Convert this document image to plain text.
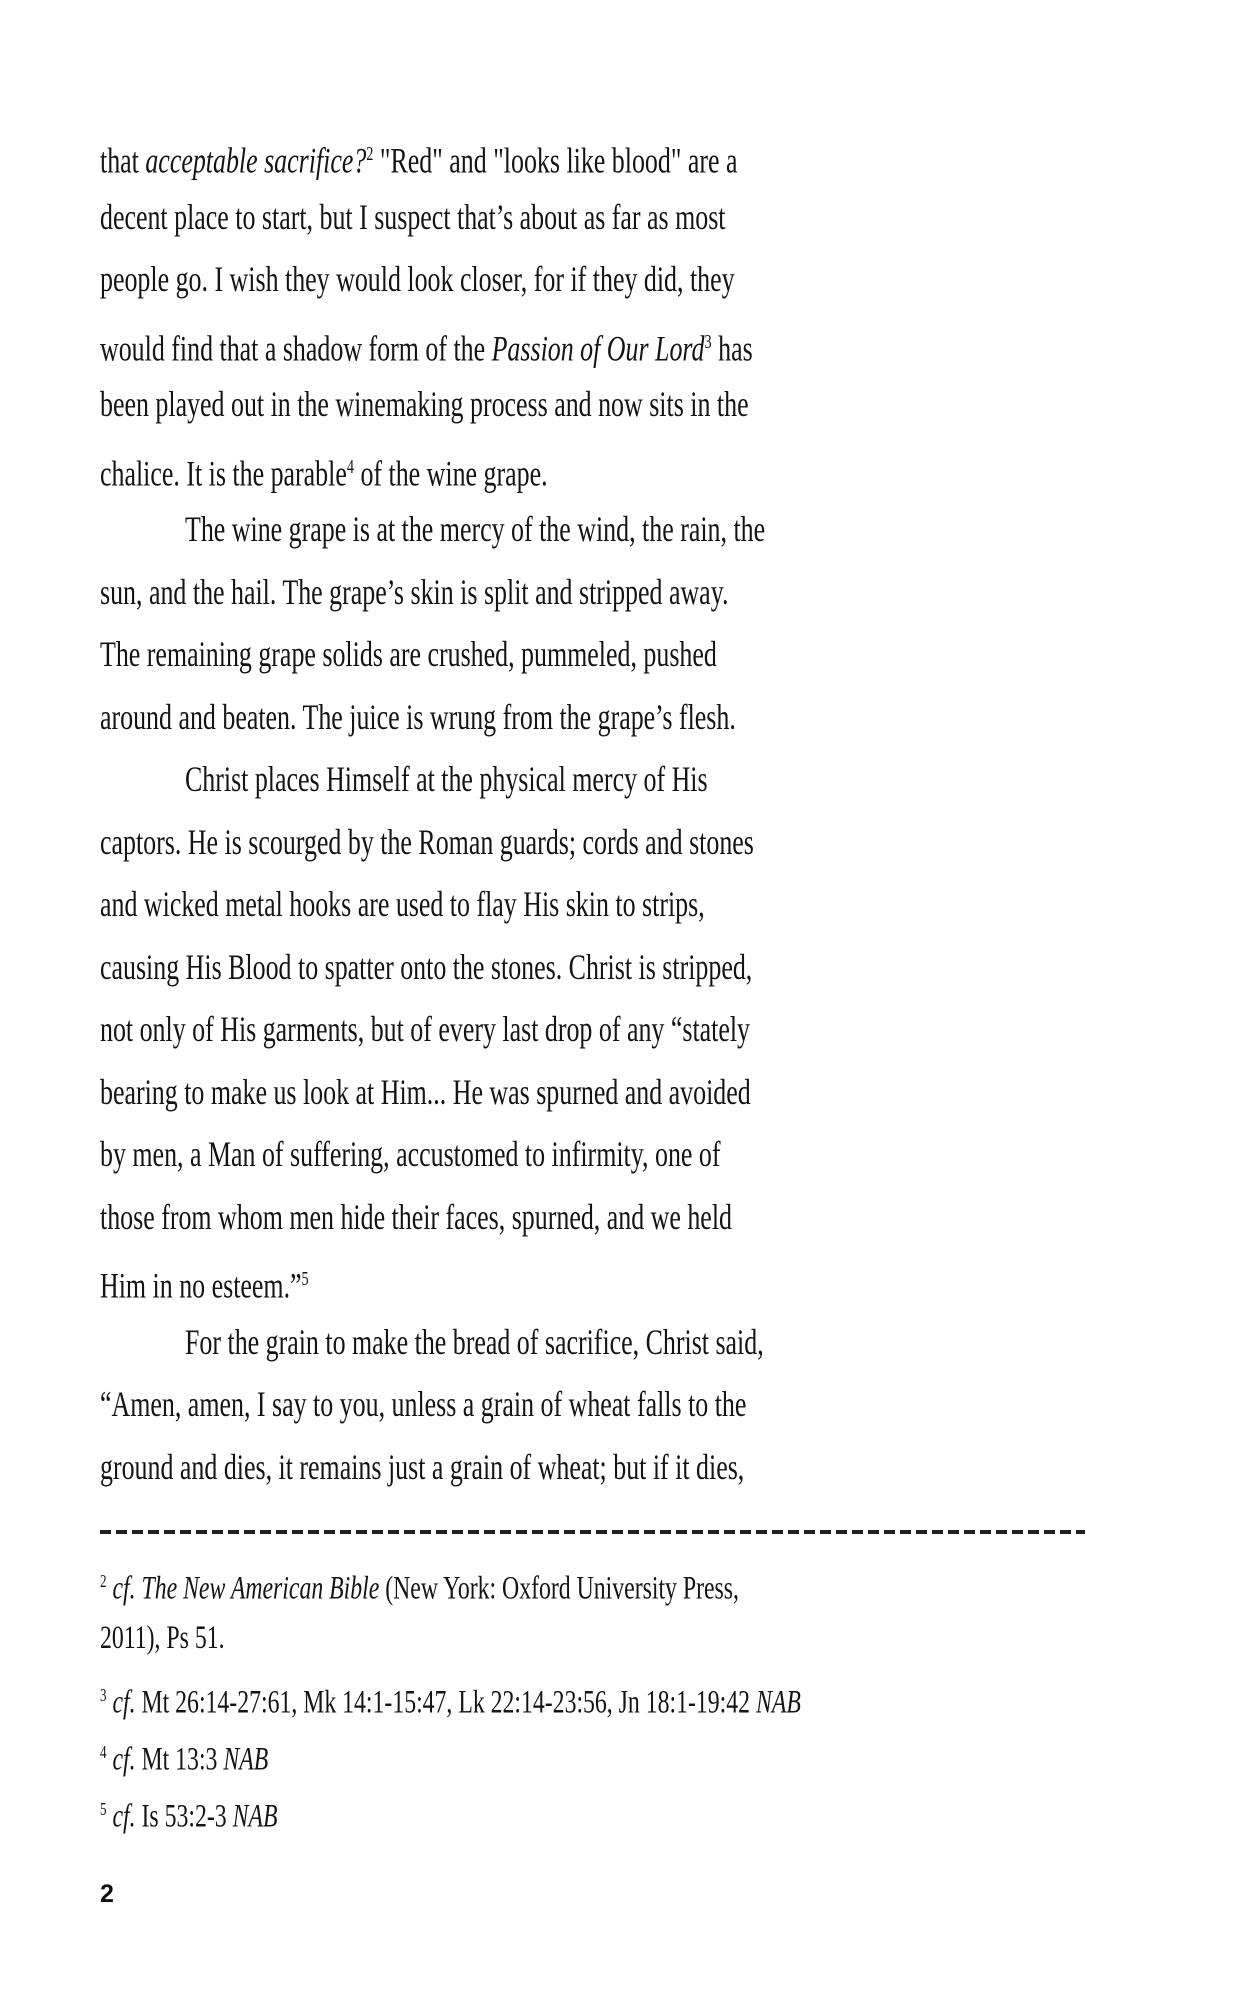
that acceptable sacrifice?$^2$ "Red" and "looks like blood" are a
decent place to start, but I suspect that’s about as far as most
people go. I wish they would look closer, for if they did, they
would find that a shadow form of the Passion of Our Lord$^3$ has
been played out in the winemaking process and now sits in the
chalice. It is the parable$^4$ of the wine grape.
The wine grape is at the mercy of the wind, the rain, the
sun, and the hail. The grape’s skin is split and stripped away.
The remaining grape solids are crushed, pummeled, pushed
around and beaten. The juice is wrung from the grape’s flesh.
Christ places Himself at the physical mercy of His
captors. He is scourged by the Roman guards; cords and stones
and wicked metal hooks are used to flay His skin to strips,
causing His Blood to spatter onto the stones. Christ is stripped,
not only of His garments, but of every last drop of any “stately
bearing to make us look at Him... He was spurned and avoided
by men, a Man of suffering, accustomed to infirmity, one of
those from whom men hide their faces, spurned, and we held
Him in no esteem.”$^5$
For the grain to make the bread of sacrifice, Christ said,
“Amen, amen, I say to you, unless a grain of wheat falls to the
ground and dies, it remains just a grain of wheat; but if it dies,
$^2$ cf. The New American Bible (New York: Oxford University Press,
2011), Ps 51.
$^3$ cf. Mt 26:14-27:61, Mk 14:1-15:47, Lk 22:14-23:56, Jn 18:1-19:42 NAB
$^4$ cf. Mt 13:3 NAB
$^5$ cf. Is 53:2-3 NAB
2
